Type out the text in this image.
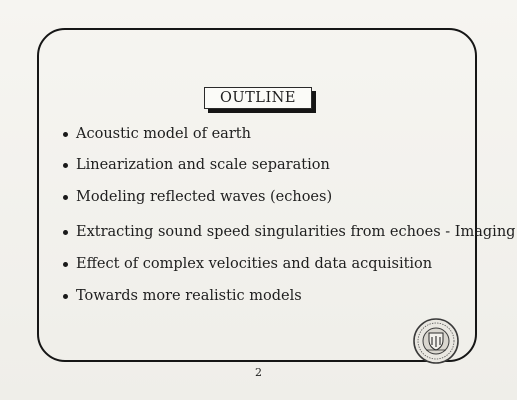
OUTLINE
Acoustic model of earth
Linearization and scale separation
Modeling reflected waves (echoes)
Extracting sound speed singularities from echoes - Imaging
Effect of complex velocities and data acquisition
Towards more realistic models
2
